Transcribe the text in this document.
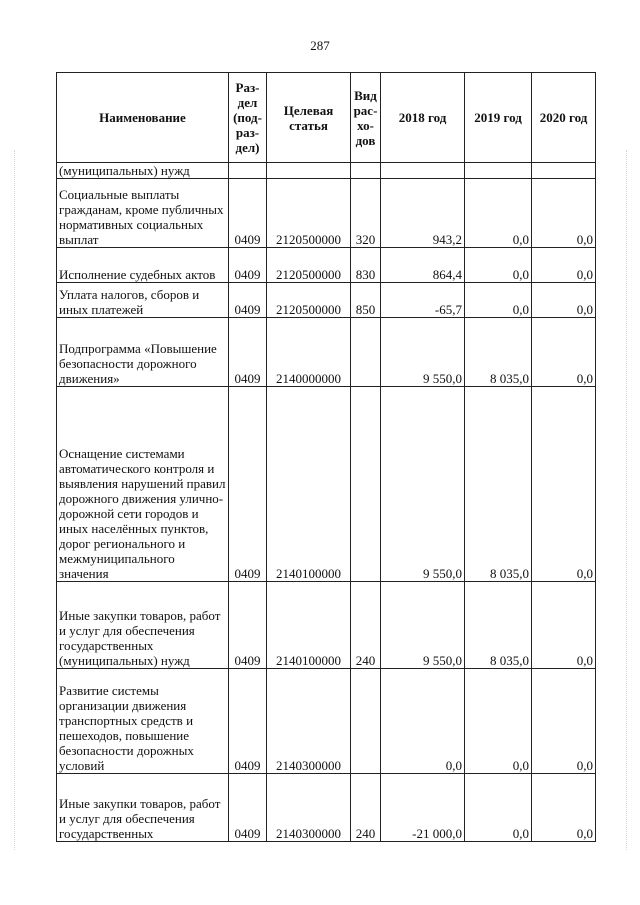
287
Наименование	Раз- дел (под- раз- дел)	Целевая статья	Вид рас- хо- дов	2018 год	2019 год	2020 год
(муниципальных) нужд						
Социальные выплаты гражданам, кроме публичных нормативных социальных выплат	0409	2120500000	320	943,2	0,0	0,0
Исполнение судебных актов	0409	2120500000	830	864,4	0,0	0,0
Уплата налогов, сборов и иных платежей	0409	2120500000	850	-65,7	0,0	0,0
Подпрограмма «Повышение безопасности дорожного движения»	0409	2140000000		9 550,0	8 035,0	0,0
Оснащение системами автоматического контроля и выявления нарушений правил дорожного движения улично-дорожной сети городов и иных населённых пунктов, дорог регионального и межмуниципального значения	0409	2140100000		9 550,0	8 035,0	0,0
Иные закупки товаров, работ и услуг для обеспечения государственных (муниципальных) нужд	0409	2140100000	240	9 550,0	8 035,0	0,0
Развитие системы организации движения транспортных средств и пешеходов, повышение безопасности дорожных условий	0409	2140300000		0,0	0,0	0,0
Иные закупки товаров, работ и услуг для обеспечения государственных	0409	2140300000	240	-21 000,0	0,0	0,0
